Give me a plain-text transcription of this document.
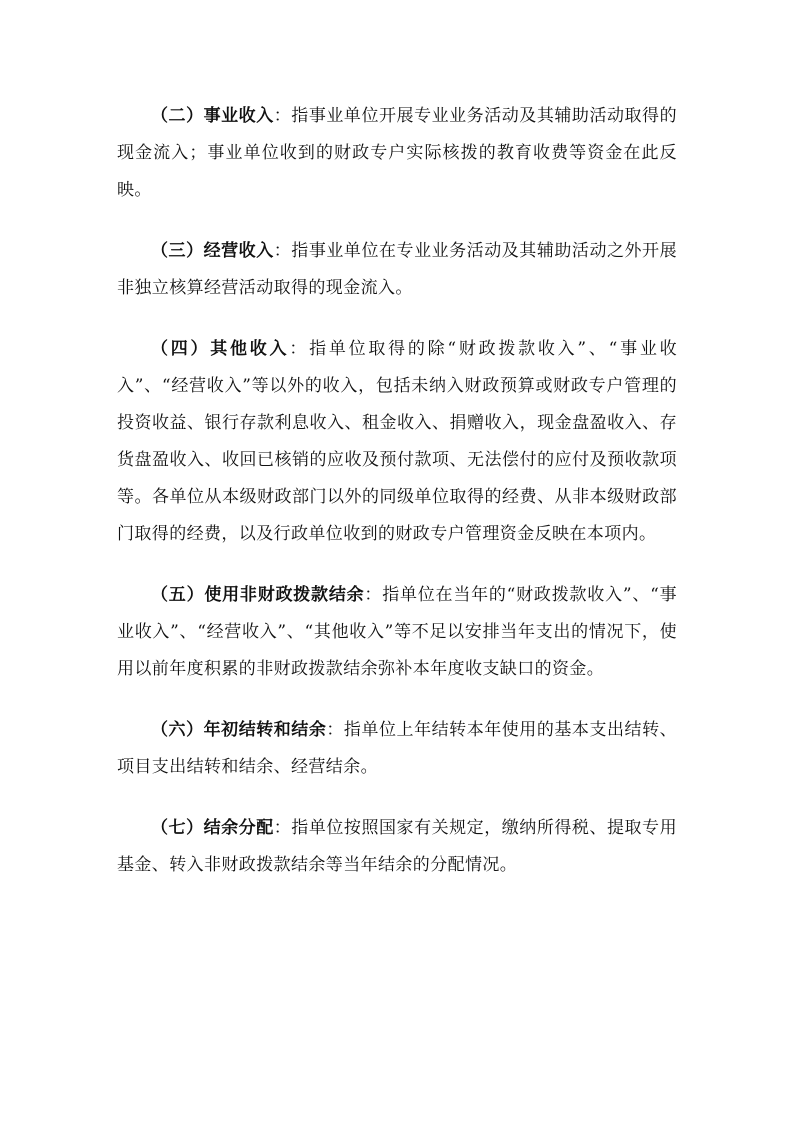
（二）事业收入：指事业单位开展专业业务活动及其辅助活动取得的现金流入；事业单位收到的财政专户实际核拨的教育收费等资金在此反映。

（三）经营收入：指事业单位在专业业务活动及其辅助活动之外开展非独立核算经营活动取得的现金流入。

（四）其他收入：指单位取得的除“财政拨款收入”、“事业收入”、“经营收入”等以外的收入，包括未纳入财政预算或财政专户管理的投资收益、银行存款利息收入、租金收入、捐赠收入，现金盘盈收入、存货盘盈收入、收回已核销的应收及预付款项、无法偿付的应付及预收款项等。各单位从本级财政部门以外的同级单位取得的经费、从非本级财政部门取得的经费，以及行政单位收到的财政专户管理资金反映在本项内。

（五）使用非财政拨款结余：指单位在当年的“财政拨款收入”、“事业收入”、“经营收入”、“其他收入”等不足以安排当年支出的情况下，使用以前年度积累的非财政拨款结余弥补本年度收支缺口的资金。

（六）年初结转和结余：指单位上年结转本年使用的基本支出结转、项目支出结转和结余、经营结余。

（七）结余分配：指单位按照国家有关规定，缴纳所得税、提取专用基金、转入非财政拨款结余等当年结余的分配情况。
